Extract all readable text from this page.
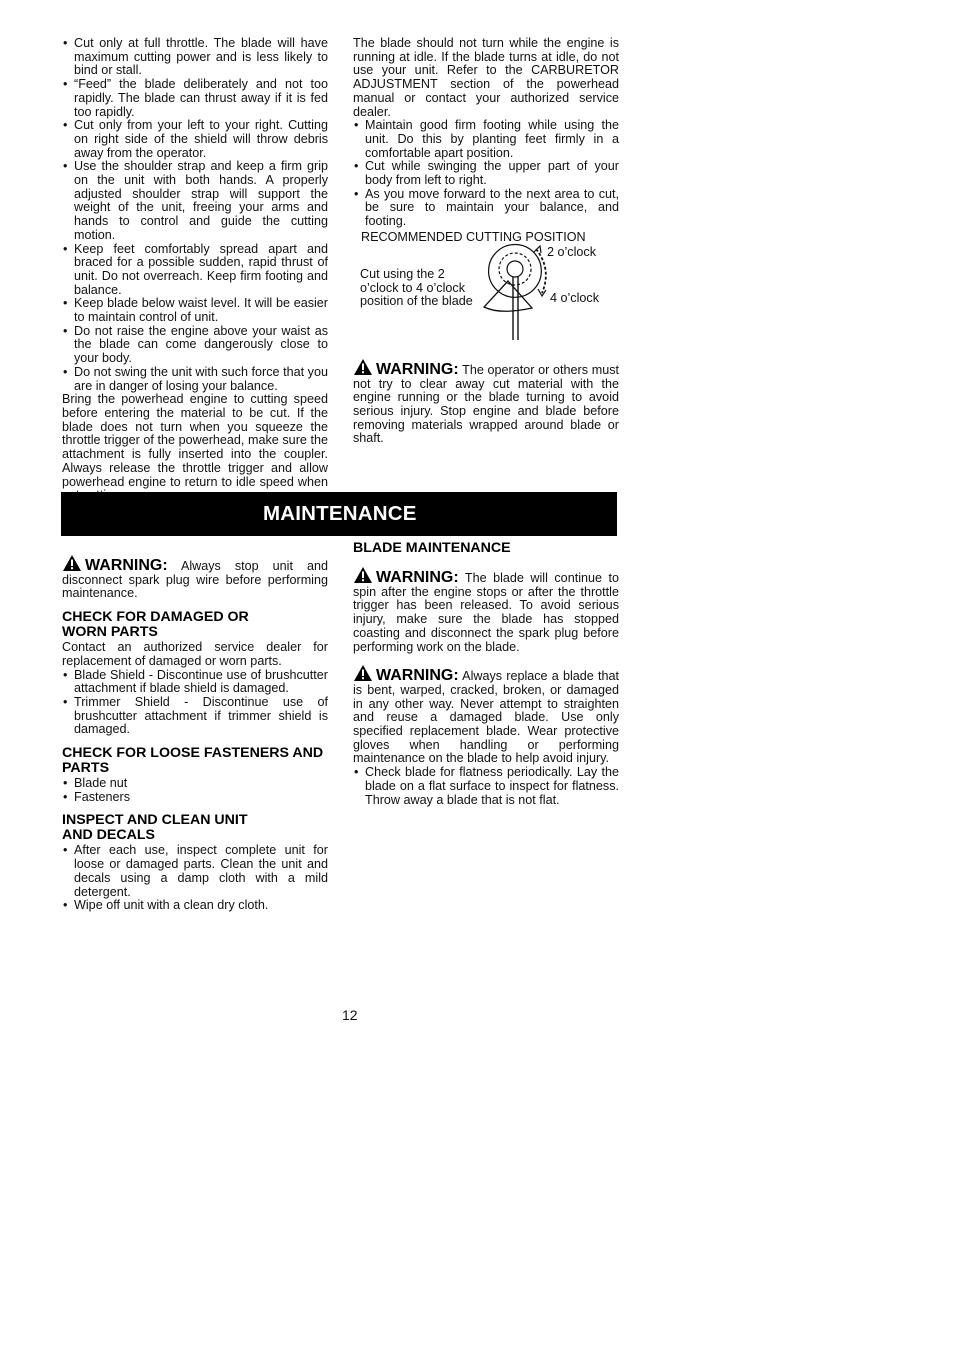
• Cut only at full throttle. The blade will have maximum cutting power and is less likely to bind or stall.
• “Feed” the blade deliberately and not too rapidly. The blade can thrust away if it is fed too rapidly.
• Cut only from your left to your right. Cutting on right side of the shield will throw debris away from the operator.
• Use the shoulder strap and keep a firm grip on the unit with both hands. A properly adjusted shoulder strap will support the weight of the unit, freeing your arms and hands to control and guide the cutting motion.
• Keep feet comfortably spread apart and braced for a possible sudden, rapid thrust of unit. Do not overreach. Keep firm footing and balance.
• Keep blade below waist level. It will be easier to maintain control of unit.
• Do not raise the engine above your waist as the blade can come dangerously close to your body.
• Do not swing the unit with such force that you are in danger of losing your balance.

Bring the powerhead engine to cutting speed before entering the material to be cut. If the blade does not turn when you squeeze the throttle trigger of the powerhead, make sure the attachment is fully inserted into the coupler. Always release the throttle trigger and allow powerhead engine to return to idle speed when

The blade should not turn while the engine is running at idle. If the blade turns at idle, do not use your unit. Refer to the CARBURETOR ADJUSTMENT section of the powerhead manual or contact your authorized service dealer.

• Maintain good firm footing while using the unit. Do this by planting feet firmly in a comfortable apart position.
• Cut while swinging the upper part of your body from left to right.
• As you move forward to the next area to cut, be sure to maintain your balance, and footing.
RECOMMENDED CUTTING POSITION
Cut using the 2 o’clock to 4 o’clock position of the blade
2 o’clock
4 o’clock

WARNING: The operator or others must not try to clear away cut material with the engine running or the blade turning to avoid serious injury. Stop engine and blade before removing materials wrapped around blade or shaft.

MAINTENANCE

WARNING: Always stop unit and disconnect spark plug wire before performing maintenance.

CHECK FOR DAMAGED OR WORN PARTS

Contact an authorized service dealer for replacement of damaged or worn parts.

• Blade Shield - Discontinue use of brushcutter attachment if blade shield is damaged.
• Trimmer Shield - Discontinue use of brushcutter attachment if trimmer shield is damaged.
CHECK FOR LOOSE FASTENERS AND PARTS
• Blade nut
• Fasteners
INSPECT AND CLEAN UNIT AND DECALS
• After each use, inspect complete unit for loose or damaged parts. Clean the unit and decals using a damp cloth with a mild detergent.
• Wipe off unit with a clean dry cloth.
BLADE MAINTENANCE

WARNING: The blade will continue to spin after the engine stops or after the throttle trigger has been released. To avoid serious injury, make sure the blade has stopped coasting and disconnect the spark plug before performing work on the blade.

WARNING: Always replace a blade that is bent, warped, cracked, broken, or damaged in any other way. Never attempt to straighten and reuse a damaged blade. Use only specified replacement blade. Wear protective gloves when handling or performing maintenance on the blade to help avoid injury.

• Check blade for flatness periodically. Lay the blade on a flat surface to inspect for flatness. Throw away a blade that is not flat.
12
